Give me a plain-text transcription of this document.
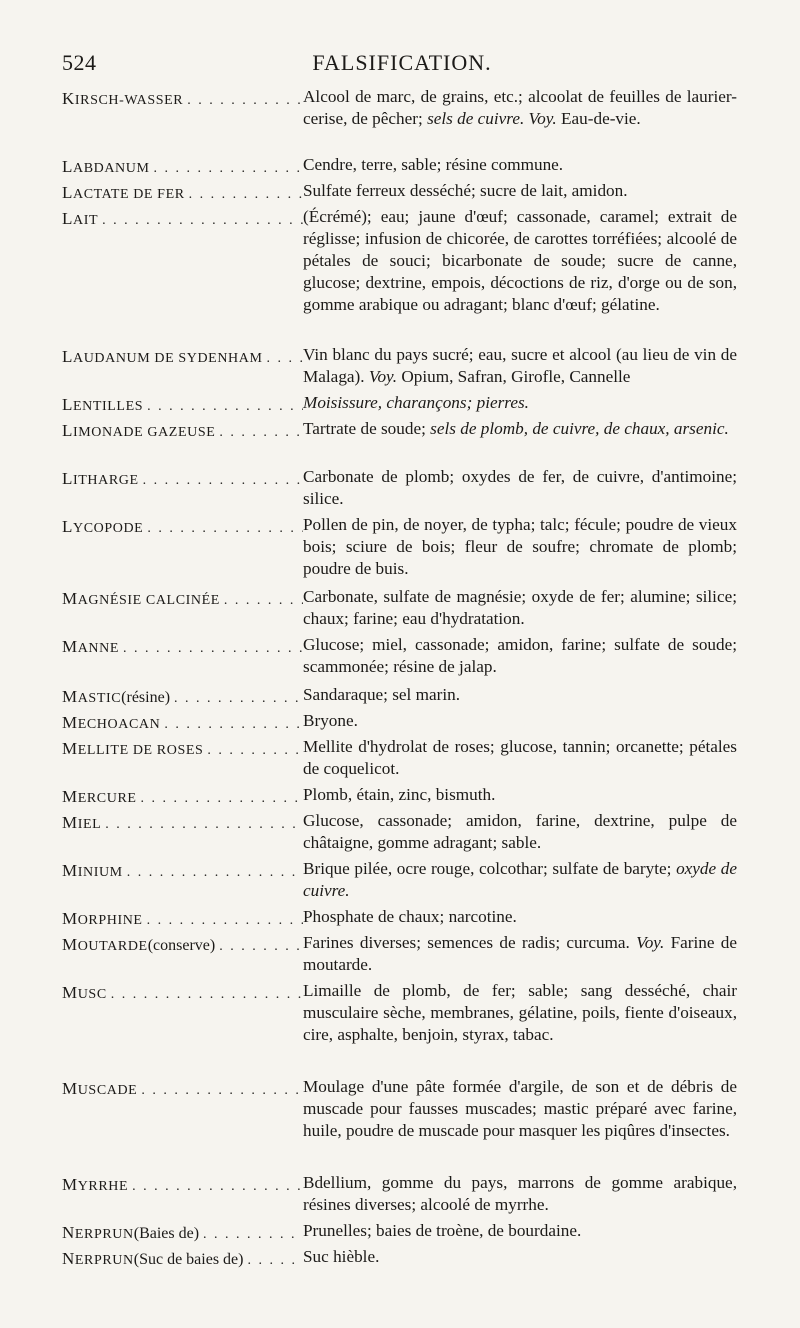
524	FALSIFICATION.
KIRSCH-WASSER . . .	Alcool de marc, de grains, etc.; alcoolat de feuilles de laurier-cerise, de pêcher; sels de cuivre. Voy. Eau-de-vie.
LABDANUM . . .	Cendre, terre, sable; résine commune.
LACTATE DE FER . . .	Sulfate ferreux desséché; sucre de lait, amidon.
LAIT . . .	(Écrémé); eau; jaune d'œuf; cassonade, caramel; extrait de réglisse; infusion de chicorée, de carottes torréfiées; alcoolé de pétales de souci; bicarbonate de soude; sucre de canne, glucose; dextrine, empois, décoctions de riz, d'orge ou de son, gomme arabique ou adragant; blanc d'œuf; gélatine.
LAUDANUM DE SYDENHAM . . . Vin blanc du pays sucré; eau, sucre et alcool (au lieu de vin de Malaga). Voy. Opium, Safran, Girofle, Cannelle
LENTILLES . . .	Moisissure, charançons; pierres.
LIMONADE GAZEUSE . . .	Tartrate de soude; sels de plomb, de cuivre, de chaux, arsenic.
LITHARGE . . .	Carbonate de plomb; oxydes de fer, de cuivre, d'antimoine; silice.
LYCOPODE . . .	Pollen de pin, de noyer, de typha; talc; fécule; poudre de vieux bois; sciure de bois; fleur de soufre; chromate de plomb; poudre de buis.
MAGNÉSIE CALCINÉE . . .	Carbonate, sulfate de magnésie; oxyde de fer; alumine; silice; chaux; farine; eau d'hydratation.
MANNE . . .	Glucose; miel, cassonade; amidon, farine; sulfate de soude; scammonée; résine de jalap.
MASTIC (résine) . . .	Sandaraque; sel marin.
MECHOACAN . . .	Bryone.
MELLITE DE ROSES . . .	Mellite d'hydrolat de roses; glucose, tannin; orcanette; pétales de coquelicot.
MERCURE . . .	Plomb, étain, zinc, bismuth.
MIEL . . .	Glucose, cassonade; amidon, farine, dextrine, pulpe de châtaigne, gomme adragant; sable.
MINIUM . . .	Brique pilée, ocre rouge, colcothar; sulfate de baryte; oxyde de cuivre.
MORPHINE . . .	Phosphate de chaux; narcotine.
MOUTARDE (conserve) . . .	Farines diverses; semences de radis; curcuma. Voy. Farine de moutarde.
MUSC . . .	Limaille de plomb, de fer; sable; sang desséché, chair musculaire sèche, membranes, gélatine, poils, fiente d'oiseaux, cire, asphalte, benjoin, styrax, tabac.
MUSCADE . . .	Moulage d'une pâte formée d'argile, de son et de débris de muscade pour fausses muscades; mastic préparé avec farine, huile, poudre de muscade pour masquer les piqûres d'insectes.
MYRRHE . . .	Bdellium, gomme du pays, marrons de gomme arabique, résines diverses; alcoolé de myrrhe.
NERPRUN (Baies de) . . .	Prunelles; baies de troène, de bourdaine.
NERPRUN (Suc de baies de) . . .	Suc hièble.
